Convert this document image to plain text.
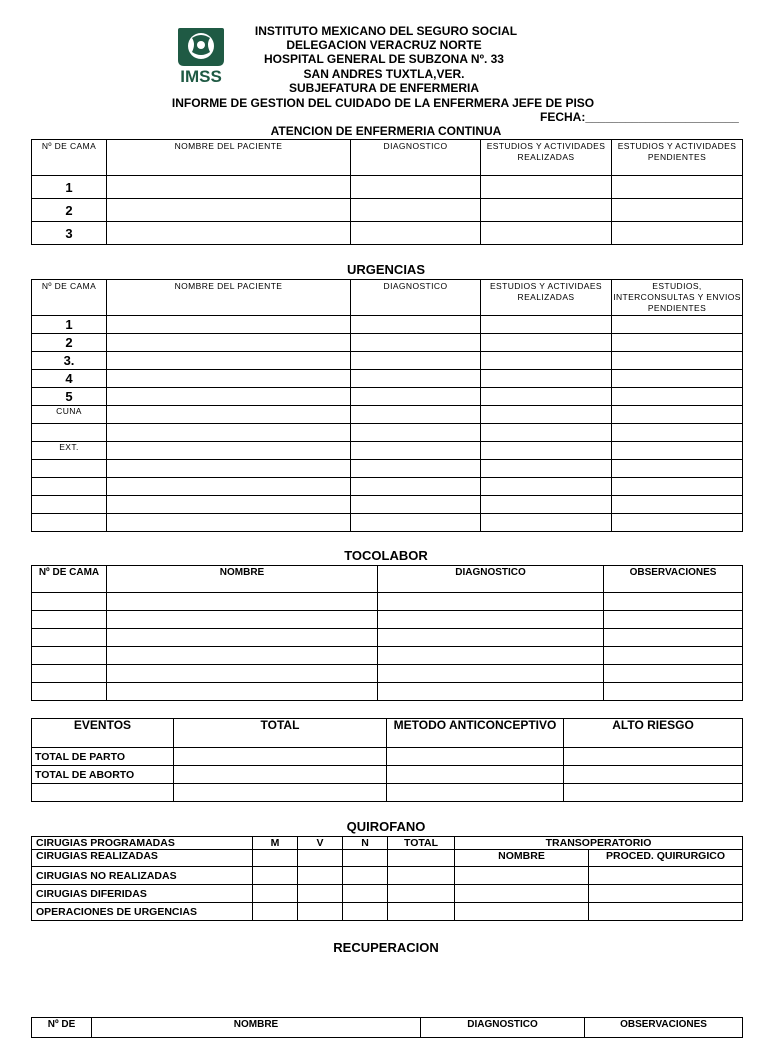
IMSS
INSTITUTO MEXICANO DEL SEGURO SOCIAL
DELEGACION VERACRUZ NORTE
HOSPITAL GENERAL DE SUBZONA Nº. 33
SAN ANDRES TUXTLA,VER.
SUBJEFATURA DE ENFERMERIA
INFORME DE GESTION DEL CUIDADO DE LA ENFERMERA JEFE DE PISO
FECHA:_______________________
ATENCION DE ENFERMERIA CONTINUA
Nº DE CAMA	NOMBRE DEL PACIENTE	DIAGNOSTICO	ESTUDIOS Y ACTIVIDADES REALIZADAS	ESTUDIOS Y ACTIVIDADES PENDIENTES
1				
2				
3				
URGENCIAS
Nº DE CAMA	NOMBRE DEL PACIENTE	DIAGNOSTICO	ESTUDIOS Y ACTIVIDAES REALIZADAS	ESTUDIOS, INTERCONSULTAS Y ENVIOS PENDIENTES
1				
2				
3.				
4				
5				
CUNA				

EXT.				

TOCOLABOR
Nº DE CAMA	NOMBRE	DIAGNOSTICO	OBSERVACIONES

EVENTOS	TOTAL	METODO ANTICONCEPTIVO	ALTO RIESGO
TOTAL DE PARTO			
TOTAL DE ABORTO			

QUIROFANO
CIRUGIAS PROGRAMADAS	M	V	N	TOTAL	TRANSOPERATORIO	
CIRUGIAS REALIZADAS					NOMBRE	PROCED. QUIRURGICO
CIRUGIAS NO REALIZADAS						
CIRUGIAS DIFERIDAS						
OPERACIONES DE URGENCIAS						
RECUPERACION
Nº DE	NOMBRE	DIAGNOSTICO	OBSERVACIONES
